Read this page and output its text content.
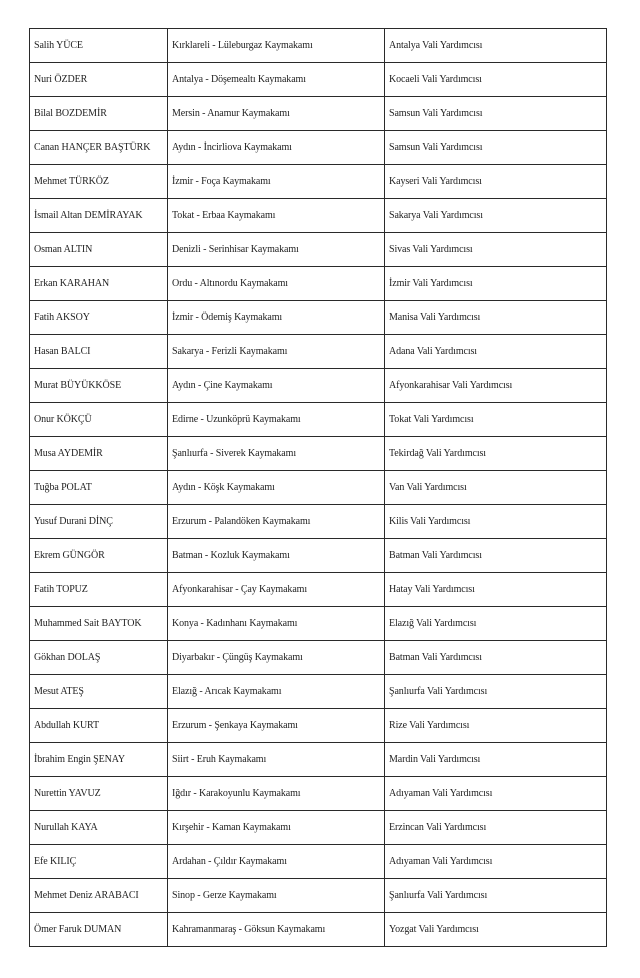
Salih YÜCE	Kırklareli - Lüleburgaz Kaymakamı	Antalya Vali Yardımcısı
Nuri ÖZDER	Antalya - Döşemealtı Kaymakamı	Kocaeli Vali Yardımcısı
Bilal BOZDEMİR	Mersin - Anamur Kaymakamı	Samsun Vali Yardımcısı
Canan HANÇER BAŞTÜRK	Aydın - İncirliova Kaymakamı	Samsun Vali Yardımcısı
Mehmet TÜRKÖZ	İzmir - Foça Kaymakamı	Kayseri Vali Yardımcısı
İsmail Altan DEMİRAYAK	Tokat - Erbaa Kaymakamı	Sakarya Vali Yardımcısı
Osman ALTIN	Denizli - Serinhisar Kaymakamı	Sivas Vali Yardımcısı
Erkan KARAHAN	Ordu - Altınordu Kaymakamı	İzmir Vali Yardımcısı
Fatih AKSOY	İzmir - Ödemiş Kaymakamı	Manisa Vali Yardımcısı
Hasan BALCI	Sakarya - Ferizli Kaymakamı	Adana Vali Yardımcısı
Murat BÜYÜKKÖSE	Aydın - Çine Kaymakamı	Afyonkarahisar Vali Yardımcısı
Onur KÖKÇÜ	Edirne - Uzunköprü Kaymakamı	Tokat Vali Yardımcısı
Musa AYDEMİR	Şanlıurfa - Siverek Kaymakamı	Tekirdağ Vali Yardımcısı
Tuğba POLAT	Aydın - Köşk Kaymakamı	Van Vali Yardımcısı
Yusuf Durani DİNÇ	Erzurum - Palandöken Kaymakamı	Kilis Vali Yardımcısı
Ekrem GÜNGÖR	Batman - Kozluk Kaymakamı	Batman Vali Yardımcısı
Fatih TOPUZ	Afyonkarahisar - Çay Kaymakamı	Hatay Vali Yardımcısı
Muhammed Sait BAYTOK	Konya - Kadınhanı Kaymakamı	Elazığ Vali Yardımcısı
Gökhan DOLAŞ	Diyarbakır - Çüngüş Kaymakamı	Batman Vali Yardımcısı
Mesut ATEŞ	Elazığ - Arıcak Kaymakamı	Şanlıurfa Vali Yardımcısı
Abdullah KURT	Erzurum - Şenkaya Kaymakamı	Rize Vali Yardımcısı
İbrahim Engin ŞENAY	Siirt - Eruh Kaymakamı	Mardin Vali Yardımcısı
Nurettin YAVUZ	Iğdır - Karakoyunlu Kaymakamı	Adıyaman Vali Yardımcısı
Nurullah KAYA	Kırşehir - Kaman Kaymakamı	Erzincan Vali Yardımcısı
Efe KILIÇ	Ardahan - Çıldır Kaymakamı	Adıyaman Vali Yardımcısı
Mehmet Deniz ARABACI	Sinop - Gerze Kaymakamı	Şanlıurfa Vali Yardımcısı
Ömer Faruk DUMAN	Kahramanmaraş - Göksun Kaymakamı	Yozgat Vali Yardımcısı
